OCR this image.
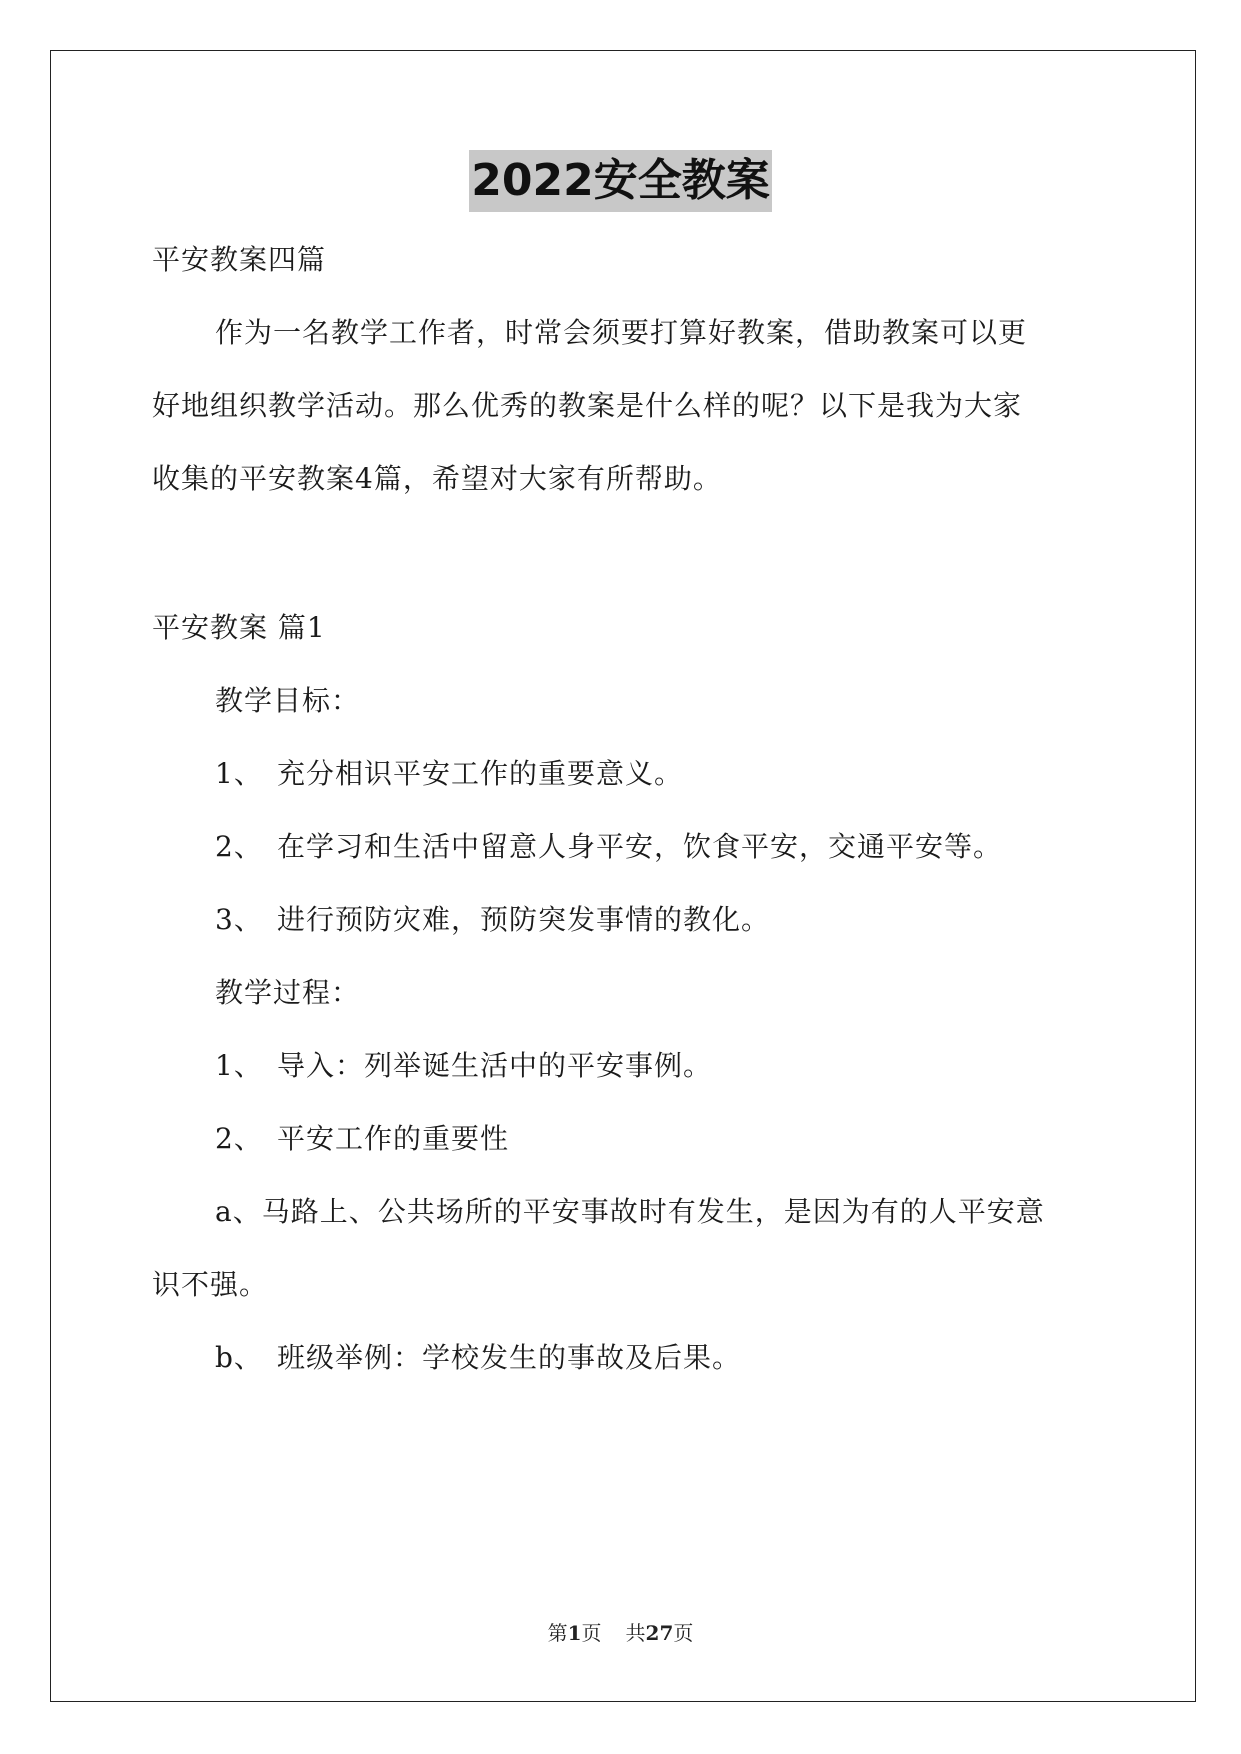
2022安全教案
平安教案四篇
作为一名教学工作者，时常会须要打算好教案，借助教案可以更
好地组织教学活动。那么优秀的教案是什么样的呢？以下是我为大家
收集的平安教案4篇，希望对大家有所帮助。
平安教案 篇1
教学目标：
1、 充分相识平安工作的重要意义。
2、 在学习和生活中留意人身平安，饮食平安，交通平安等。
3、 进行预防灾难，预防突发事情的教化。
教学过程：
1、 导入：列举诞生活中的平安事例。
2、 平安工作的重要性
a、马路上、公共场所的平安事故时有发生，是因为有的人平安意
识不强。
b、 班级举例：学校发生的事故及后果。
第1页 共27页
